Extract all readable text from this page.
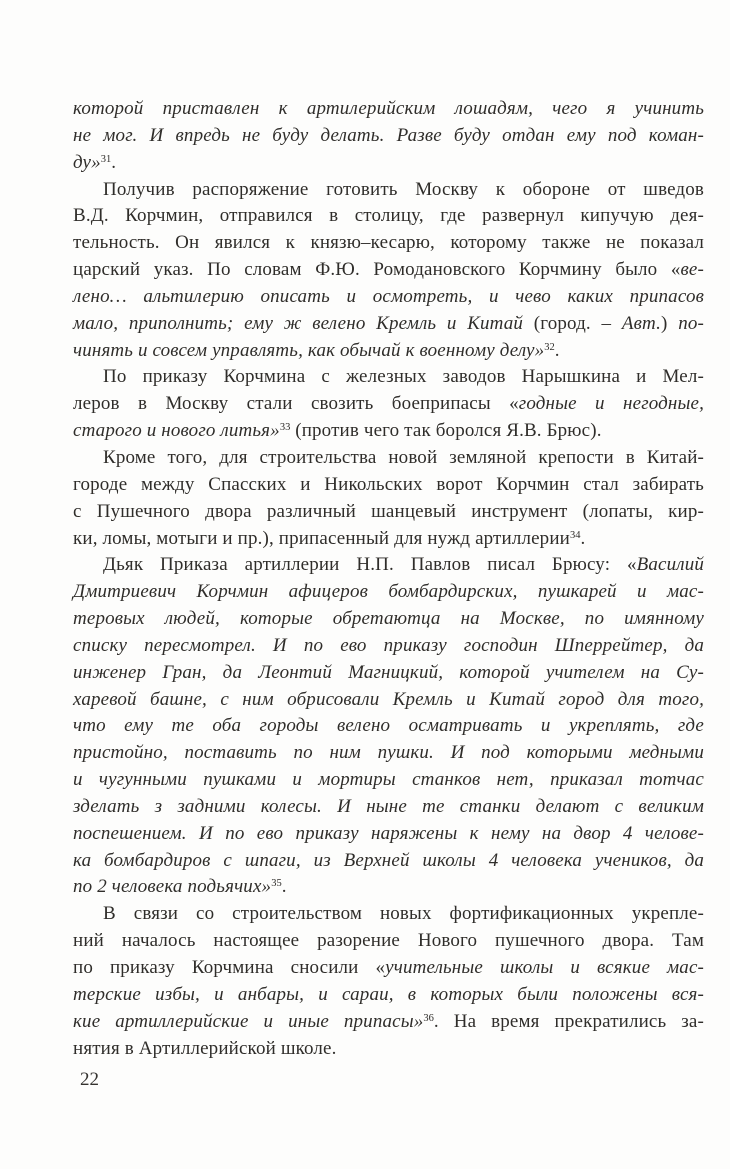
которой приставлен к артилерийским лошадям, чего я учинить
не мог. И впредь не буду делать. Разве буду отдан ему под коман-
ду»$^{31}$.
Получив распоряжение готовить Москву к обороне от шведов
В.Д. Корчмин, отправился в столицу, где развернул кипучую дея-
тельность. Он явился к князю–кесарю, которому также не показал
царский указ. По словам Ф.Ю. Ромодановского Корчмину было «ве-
лено… альтилерию описать и осмотреть, и чево каких припасов
мало, приполнить; ему ж велено Кремль и Китай (город. – Авт.) по-
чинять и совсем управлять, как обычай к военному делу»$^{32}$.
По приказу Корчмина с железных заводов Нарышкина и Мел-
леров в Москву стали свозить боеприпасы «годные и негодные,
старого и нового литья»$^{33}$ (против чего так боролся Я.В. Брюс).
Кроме того, для строительства новой земляной крепости в Китай-
городе между Спасских и Никольских ворот Корчмин стал забирать
с Пушечного двора различный шанцевый инструмент (лопаты, кир-
ки, ломы, мотыги и пр.), припасенный для нужд артиллерии$^{34}$.
Дьяк Приказа артиллерии Н.П. Павлов писал Брюсу: «Василий
Дмитриевич Корчмин афицеров бомбардирских, пушкарей и мас-
теровых людей, которые обретаютца на Москве, по имянному
списку пересмотрел. И по ево приказу господин Шперрейтер, да
инженер Гран, да Леонтий Магницкий, которой учителем на Су-
харевой башне, с ним обрисовали Кремль и Китай город для того,
что ему те оба городы велено осматривать и укреплять, где
пристойно, поставить по ним пушки. И под которыми медными
и чугунными пушками и мортиры станков нет, приказал тотчас
зделать з задними колесы. И ныне те станки делают с великим
поспешением. И по ево приказу наряжены к нему на двор 4 челове-
ка бомбардиров с шпаги, из Верхней школы 4 человека учеников, да
по 2 человека подьячих»$^{35}$.
В связи со строительством новых фортификационных укрепле-
ний началось настоящее разорение Нового пушечного двора. Там
по приказу Корчмина сносили «учительные школы и всякие мас-
терские избы, и анбары, и сараи, в которых были положены вся-
кие артиллерийские и иные припасы»$^{36}$. На время прекратились за-
нятия в Артиллерийской школе.
22
